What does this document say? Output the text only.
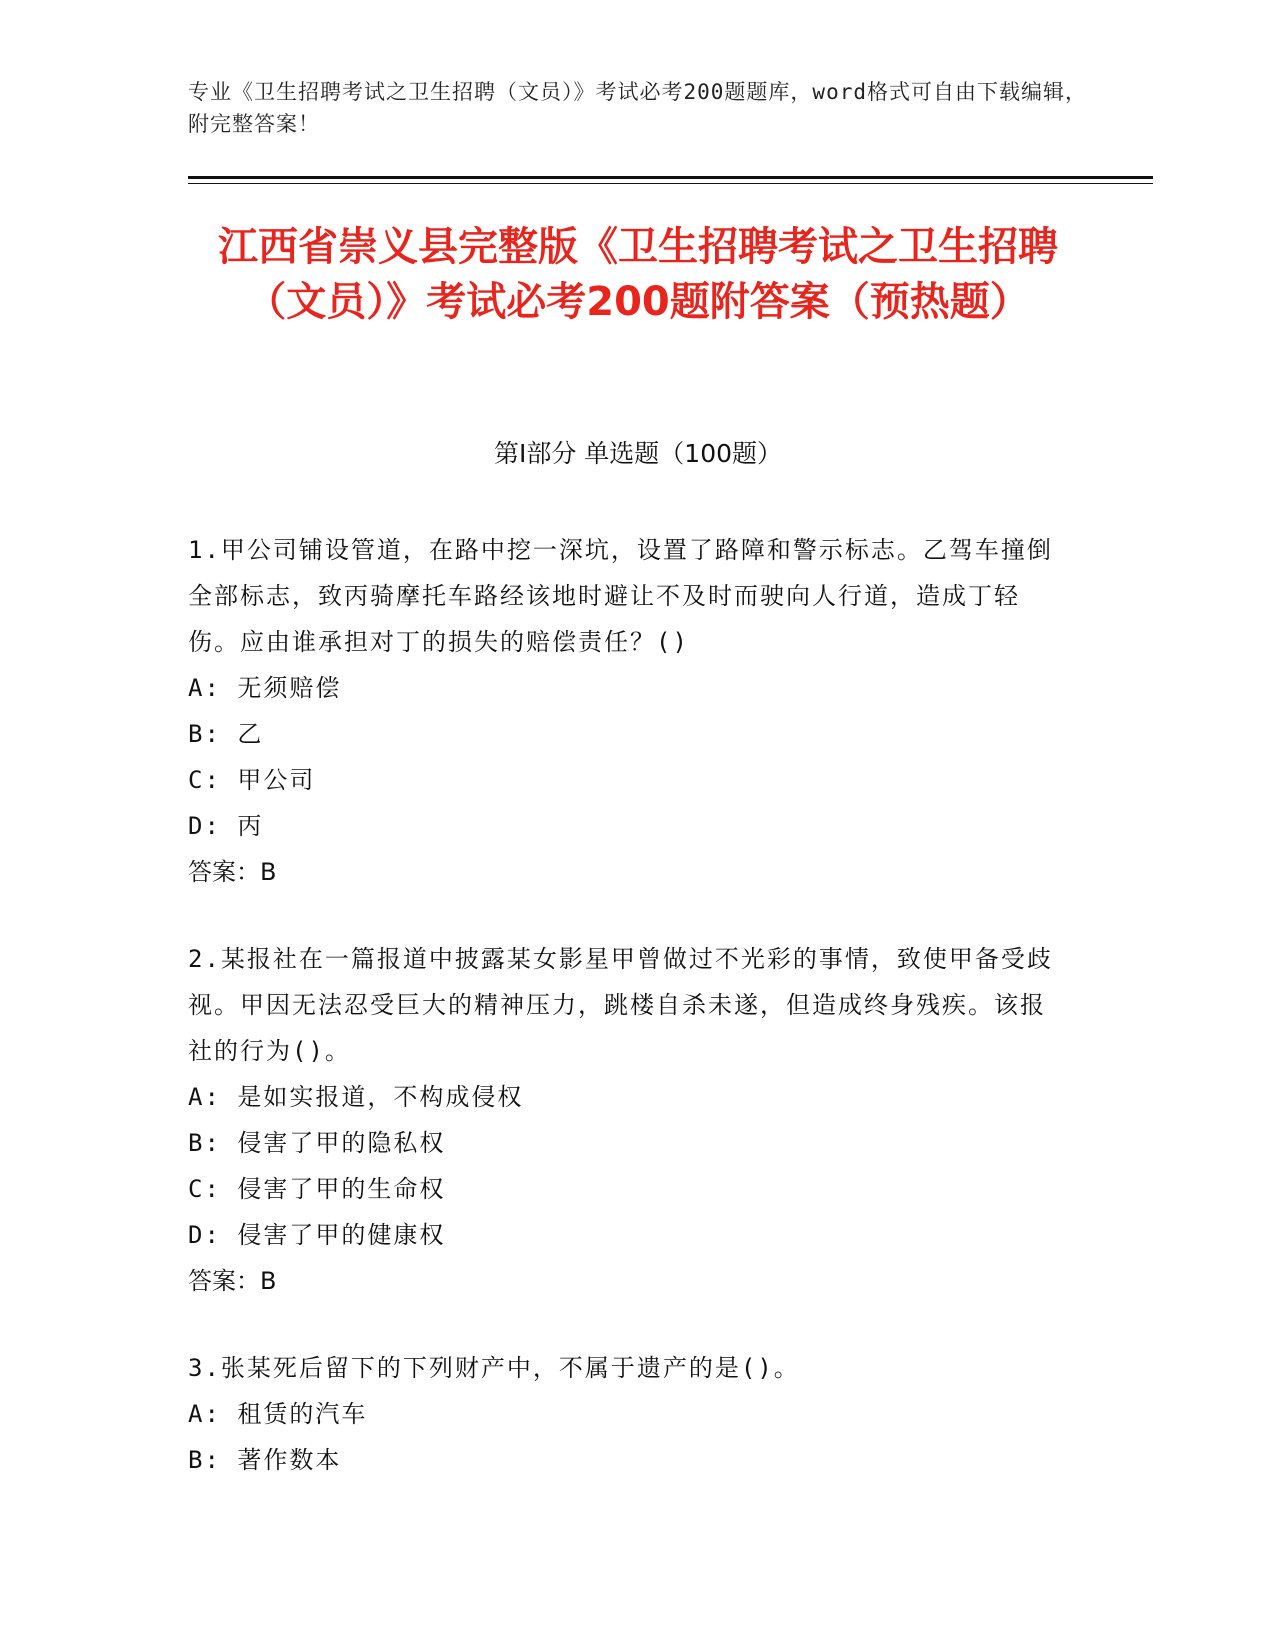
专业《卫生招聘考试之卫生招聘（文员）》考试必考200题题库，word格式可自由下载编辑，附完整答案！
江西省崇义县完整版《卫生招聘考试之卫生招聘（文员）》考试必考200题附答案（预热题）
第I部分 单选题（100题）

1.甲公司铺设管道，在路中挖一深坑，设置了路障和警示标志。乙驾车撞倒全部标志，致丙骑摩托车路经该地时避让不及时而驶向人行道，造成丁轻伤。应由谁承担对丁的损失的赔偿责任？()

A: 无须赔偿

B: 乙

C: 甲公司

D: 丙

答案：B

2.某报社在一篇报道中披露某女影星甲曾做过不光彩的事情，致使甲备受歧视。甲因无法忍受巨大的精神压力，跳楼自杀未遂，但造成终身残疾。该报社的行为()。

A: 是如实报道，不构成侵权

B: 侵害了甲的隐私权

C: 侵害了甲的生命权

D: 侵害了甲的健康权

答案：B

3.张某死后留下的下列财产中，不属于遗产的是()。

A: 租赁的汽车

B: 著作数本
